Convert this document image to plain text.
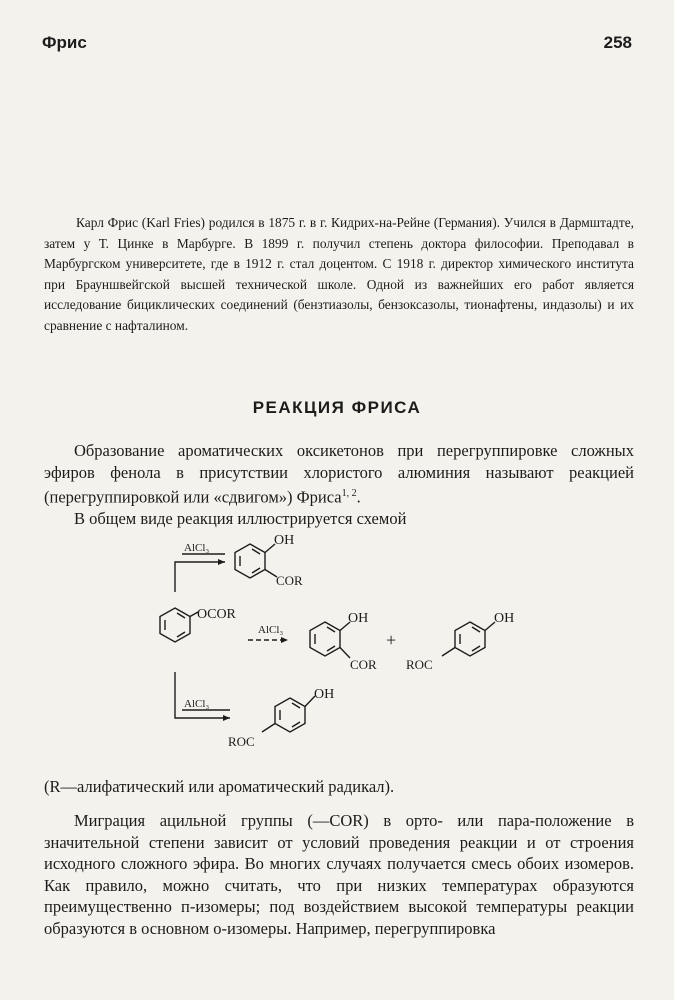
Фрис	258

Карл Фрис (Karl Fries) родился в 1875 г. в г. Кидрих-на-Рейне (Германия). Учился в Дармштадте, затем у Т. Цинке в Марбурге. В 1899 г. получил степень доктора философии. Преподавал в Марбургском университете, где в 1912 г. стал доцентом. С 1918 г. директор химического института при Брауншвейгской высшей технической школе. Одной из важнейших его работ является исследование бициклических соединений (бензтиазолы, бензоксазолы, тионафтены, индазолы) и их сравнение с нафталином.

РЕАКЦИЯ ФРИСА

Образование ароматических оксикетонов при перегруппировке сложных эфиров фенола в присутствии хлористого алюминия называют реакцией (перегруппировкой или «сдвигом») Фриса$^{1, 2}$.

В общем виде реакция иллюстрируется схемой

AlCl₃	OH
COR
OCOR
AlCl₃
OH
COR
+
OH
ROC
AlCl₃
OH
ROC
(R—алифатический или ароматический радикал).

Миграция ацильной группы (—COR) в орто- или пара-положение в значительной степени зависит от условий проведения реакции и от строения исходного сложного эфира. Во многих случаях получается смесь обоих изомеров. Как правило, можно считать, что при низких температурах образуются преимущественно п-изомеры; под воздействием высокой температуры реакции образуются в основном о-изомеры. Например, перегруппировка
